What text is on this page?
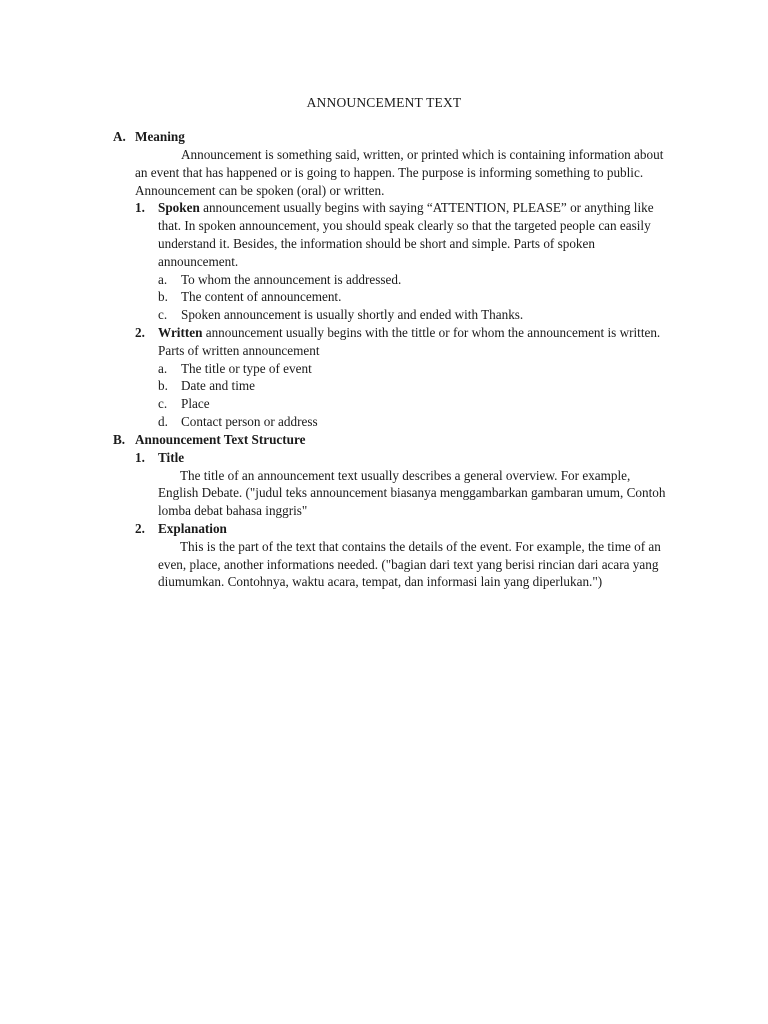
ANNOUNCEMENT TEXT
A. Meaning

Announcement is something said, written, or printed which is containing information about an event that has happened or is going to happen. The purpose is informing something to public. Announcement can be spoken (oral) or written.

1. Spoken announcement usually begins with saying “ATTENTION, PLEASE” or anything like that. In spoken announcement, you should speak clearly so that the targeted people can easily understand it. Besides, the information should be short and simple. Parts of spoken announcement.
a.	To whom the announcement is addressed.
b. The content of announcement.
c.	Spoken announcement is usually shortly and ended with Thanks.
2. Written announcement usually begins with the tittle or for whom the announcement is written. Parts of written announcement
a.	The title or type of event
b. Date and time
c.	Place
d. Contact person or address
B. Announcement Text Structure
1. Title

The title of an announcement text usually describes a general overview. For example, English Debate. ("judul teks announcement biasanya menggambarkan gambaran umum, Contoh lomba debat bahasa inggris"

2. Explanation

This is the part of the text that contains the details of the event. For example, the time of an even, place, another informations needed. ("bagian dari text yang berisi rincian dari acara yang diumumkan. Contohnya, waktu acara, tempat, dan informasi lain yang diperlukan.")
